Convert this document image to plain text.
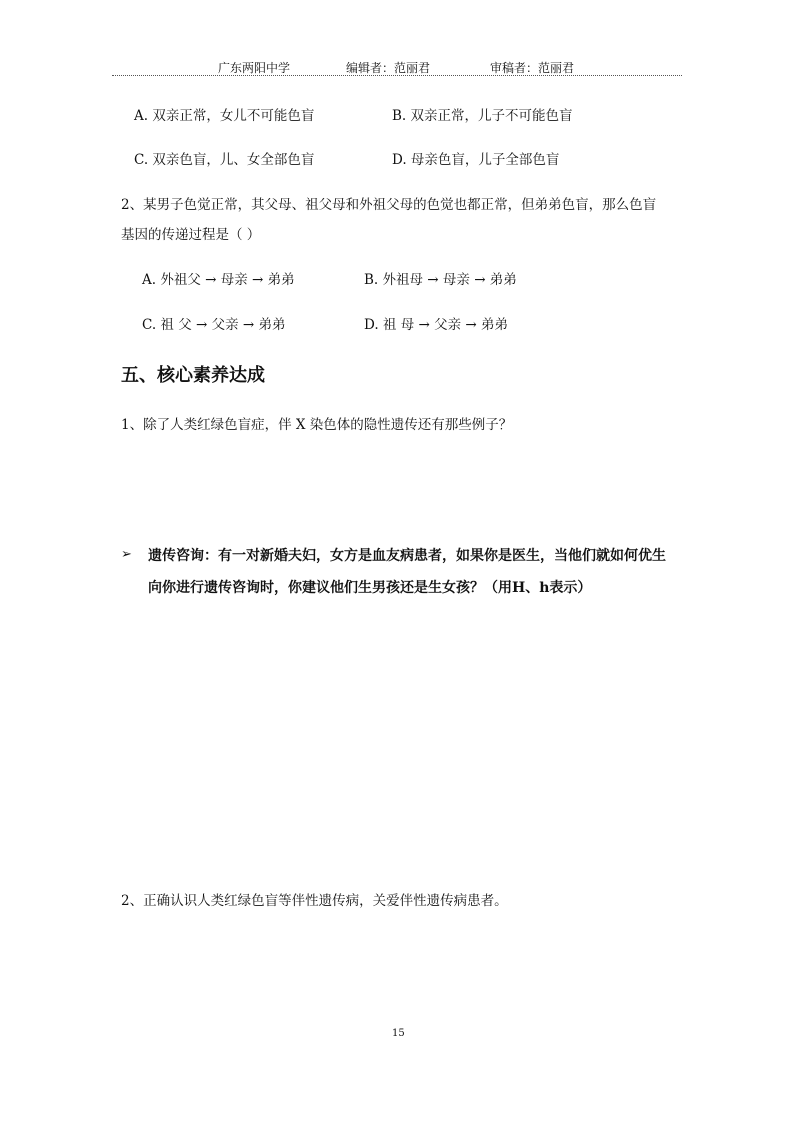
广东两阳中学	编辑者：范丽君	审稿者：范丽君
A. 双亲正常，女儿不可能色盲	B. 双亲正常，儿子不可能色盲
C. 双亲色盲，儿、女全部色盲	D. 母亲色盲，儿子全部色盲
2、某男子色觉正常，其父母、祖父母和外祖父母的色觉也都正常，但弟弟色盲，那么色盲
基因的传递过程是（ ）
A. 外祖父 → 母亲 → 弟弟	B. 外祖母 → 母亲 → 弟弟
C. 祖 父 → 父亲 → 弟弟	D. 祖 母 → 父亲 → 弟弟
五、核心素养达成
1、除了人类红绿色盲症，伴 X 染色体的隐性遗传还有那些例子？
➢ 遗传咨询：有一对新婚夫妇，女方是血友病患者，如果你是医生，当他们就如何优生
向你进行遗传咨询时，你建议他们生男孩还是生女孩？（用H、h表示）
2、正确认识人类红绿色盲等伴性遗传病，关爱伴性遗传病患者。
15
